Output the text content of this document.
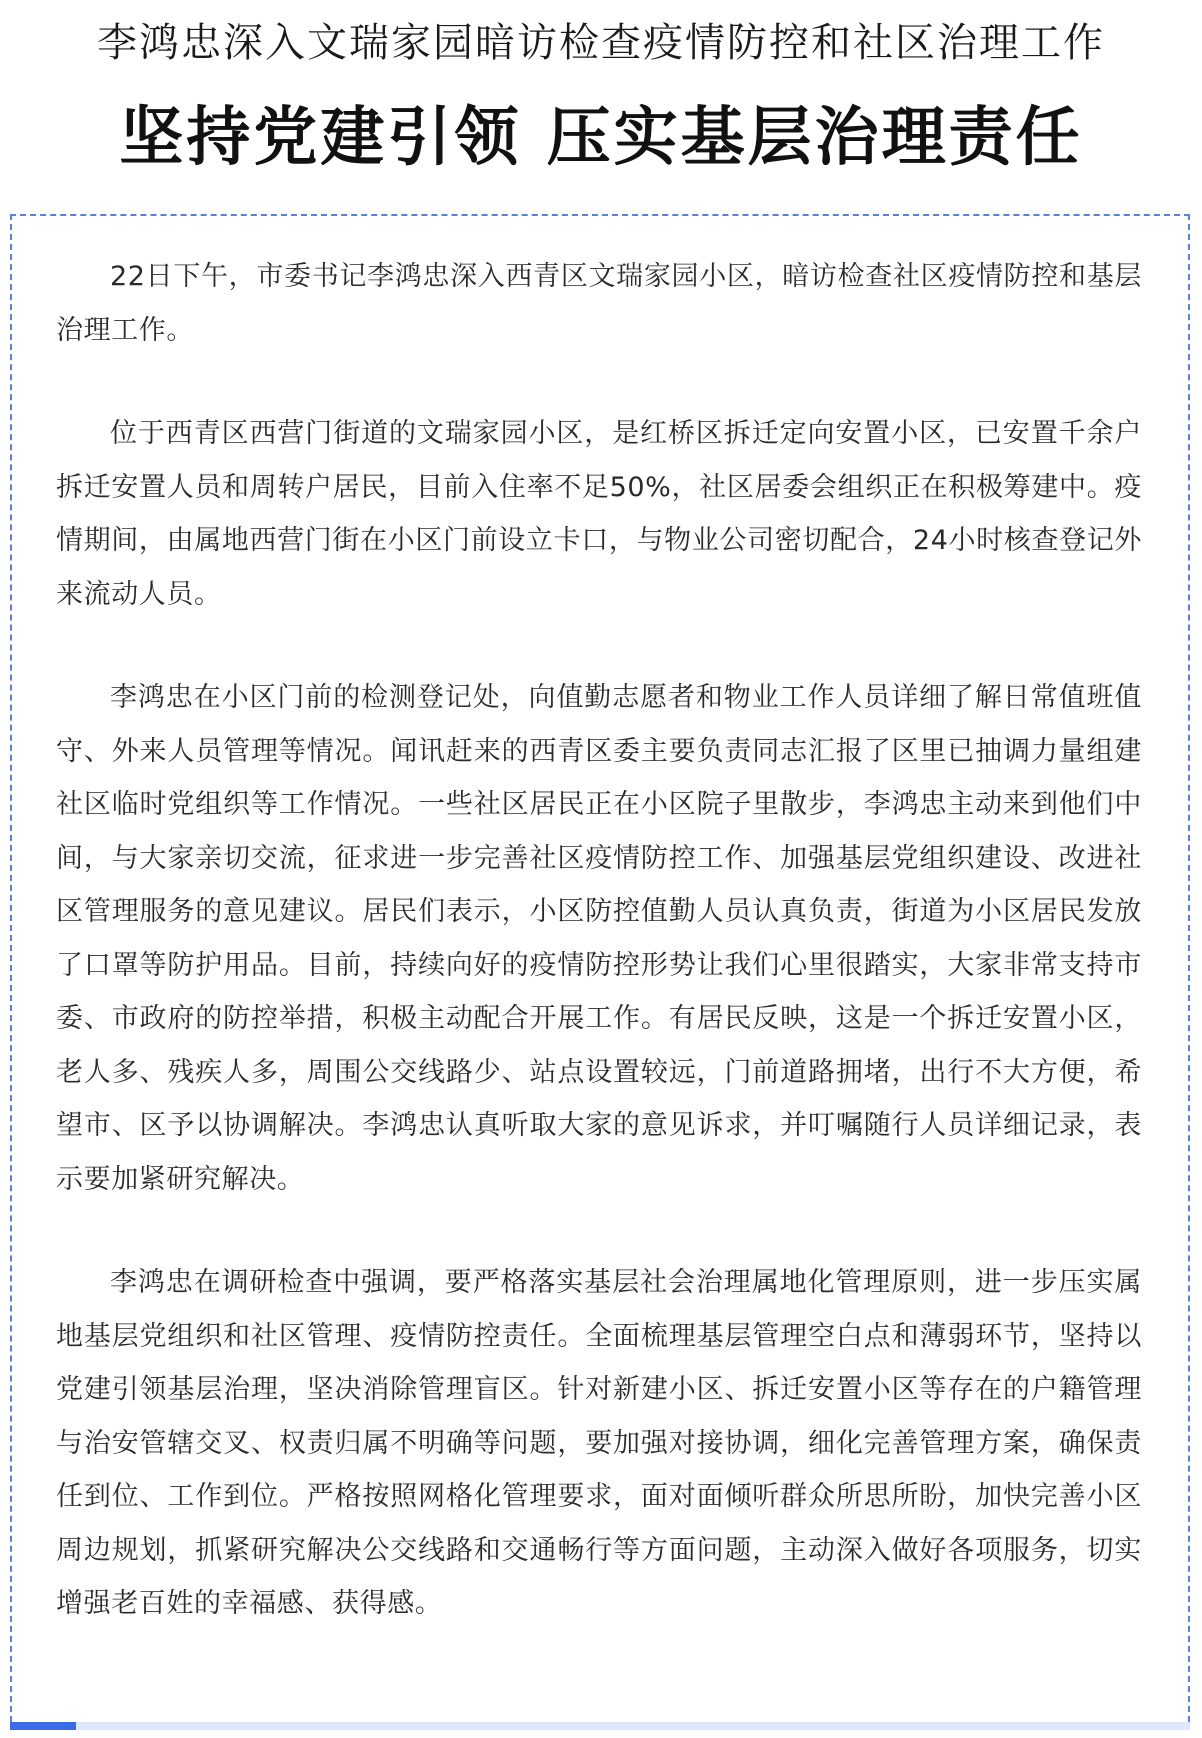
李鸿忠深入文瑞家园暗访检查疫情防控和社区治理工作
坚持党建引领 压实基层治理责任

22日下午，市委书记李鸿忠深入西青区文瑞家园小区，暗访检查社区疫情防控和基层治理工作。

位于西青区西营门街道的文瑞家园小区，是红桥区拆迁定向安置小区，已安置千余户拆迁安置人员和周转户居民，目前入住率不足50%，社区居委会组织正在积极筹建中。疫情期间，由属地西营门街在小区门前设立卡口，与物业公司密切配合，24小时核查登记外来流动人员。

李鸿忠在小区门前的检测登记处，向值勤志愿者和物业工作人员详细了解日常值班值守、外来人员管理等情况。闻讯赶来的西青区委主要负责同志汇报了区里已抽调力量组建社区临时党组织等工作情况。一些社区居民正在小区院子里散步，李鸿忠主动来到他们中间，与大家亲切交流，征求进一步完善社区疫情防控工作、加强基层党组织建设、改进社区管理服务的意见建议。居民们表示，小区防控值勤人员认真负责，街道为小区居民发放了口罩等防护用品。目前，持续向好的疫情防控形势让我们心里很踏实，大家非常支持市委、市政府的防控举措，积极主动配合开展工作。有居民反映，这是一个拆迁安置小区，老人多、残疾人多，周围公交线路少、站点设置较远，门前道路拥堵，出行不大方便，希望市、区予以协调解决。李鸿忠认真听取大家的意见诉求，并叮嘱随行人员详细记录，表示要加紧研究解决。

李鸿忠在调研检查中强调，要严格落实基层社会治理属地化管理原则，进一步压实属地基层党组织和社区管理、疫情防控责任。全面梳理基层管理空白点和薄弱环节，坚持以党建引领基层治理，坚决消除管理盲区。针对新建小区、拆迁安置小区等存在的户籍管理与治安管辖交叉、权责归属不明确等问题，要加强对接协调，细化完善管理方案，确保责任到位、工作到位。严格按照网格化管理要求，面对面倾听群众所思所盼，加快完善小区周边规划，抓紧研究解决公交线路和交通畅行等方面问题，主动深入做好各项服务，切实增强老百姓的幸福感、获得感。
